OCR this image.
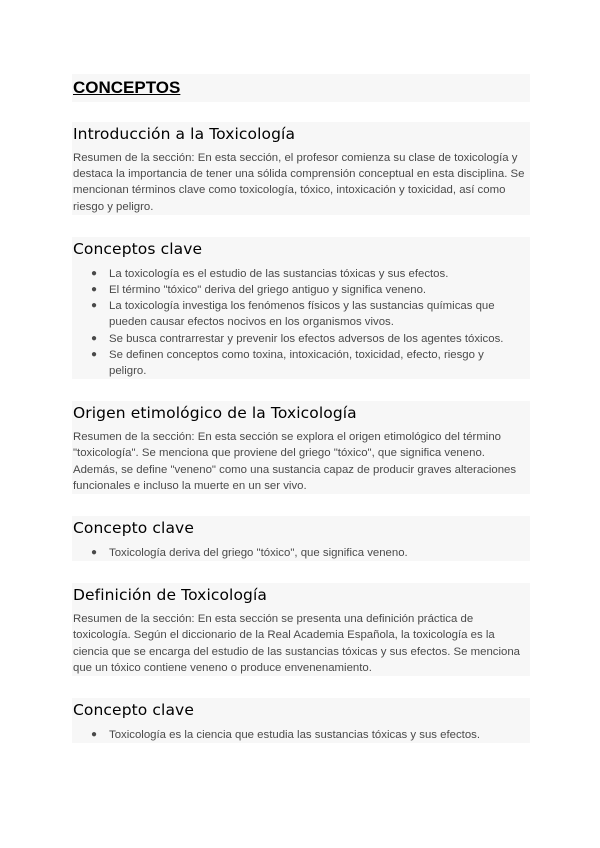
CONCEPTOS
Introducción a la Toxicología

Resumen de la sección: En esta sección, el profesor comienza su clase de toxicología y destaca la importancia de tener una sólida comprensión conceptual en esta disciplina. Se mencionan términos clave como toxicología, tóxico, intoxicación y toxicidad, así como riesgo y peligro.

Conceptos clave
● La toxicología es el estudio de las sustancias tóxicas y sus efectos.
● El término "tóxico" deriva del griego antiguo y significa veneno.
● La toxicología investiga los fenómenos físicos y las sustancias químicas que pueden causar efectos nocivos en los organismos vivos.
● Se busca contrarrestar y prevenir los efectos adversos de los agentes tóxicos.
● Se definen conceptos como toxina, intoxicación, toxicidad, efecto, riesgo y peligro.
Origen etimológico de la Toxicología

Resumen de la sección: En esta sección se explora el origen etimológico del término "toxicología". Se menciona que proviene del griego "tóxico", que significa veneno. Además, se define "veneno" como una sustancia capaz de producir graves alteraciones funcionales e incluso la muerte en un ser vivo.

Concepto clave
● Toxicología deriva del griego "tóxico", que significa veneno.
Definición de Toxicología

Resumen de la sección: En esta sección se presenta una definición práctica de toxicología. Según el diccionario de la Real Academia Española, la toxicología es la ciencia que se encarga del estudio de las sustancias tóxicas y sus efectos. Se menciona que un tóxico contiene veneno o produce envenenamiento.

Concepto clave
● Toxicología es la ciencia que estudia las sustancias tóxicas y sus efectos.
